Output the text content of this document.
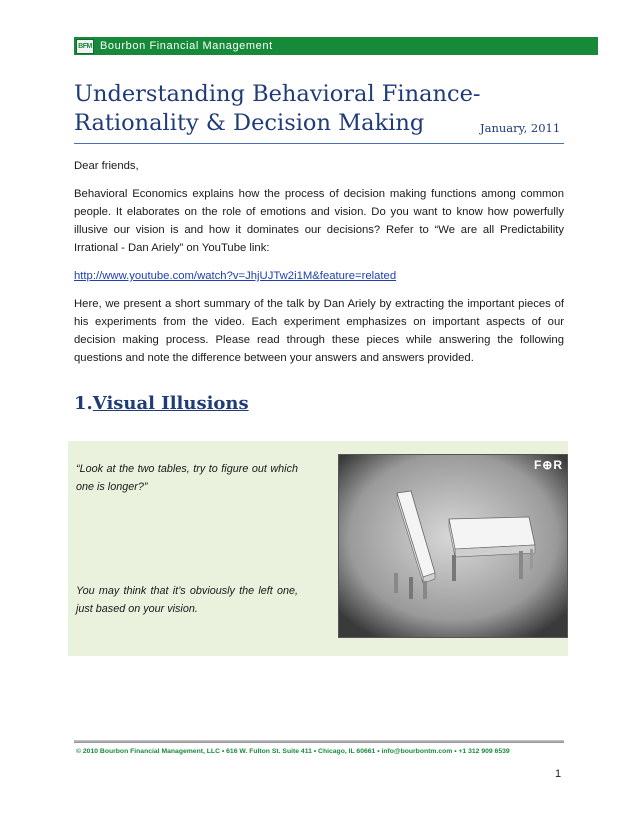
BFM Bourbon Financial Management
Understanding Behavioral Finance-
Rationality & Decision Making	January, 2011

Dear friends,

Behavioral Economics explains how the process of decision making functions among common people. It elaborates on the role of emotions and vision. Do you want to know how powerfully illusive our vision is and how it dominates our decisions? Refer to “We are all Predictability Irrational - Dan Ariely” on YouTube link:

http://www.youtube.com/watch?v=JhjUJTw2i1M&feature=related

Here, we present a short summary of the talk by Dan Ariely by extracting the important pieces of his experiments from the video. Each experiment emphasizes on important aspects of our decision making process. Please read through these pieces while answering the following questions and note the difference between your answers and answers provided.

1.Visual Illusions
“Look at the two tables, try to figure out which one is longer?”
You may think that it’s obviously the left one, just based on your vision.
F⊕R
© 2010 Bourbon Financial Management, LLC • 616 W. Fulton St. Suite 411 • Chicago, IL 60661 • info@bourbontm.com • +1 312 909 6539
1
